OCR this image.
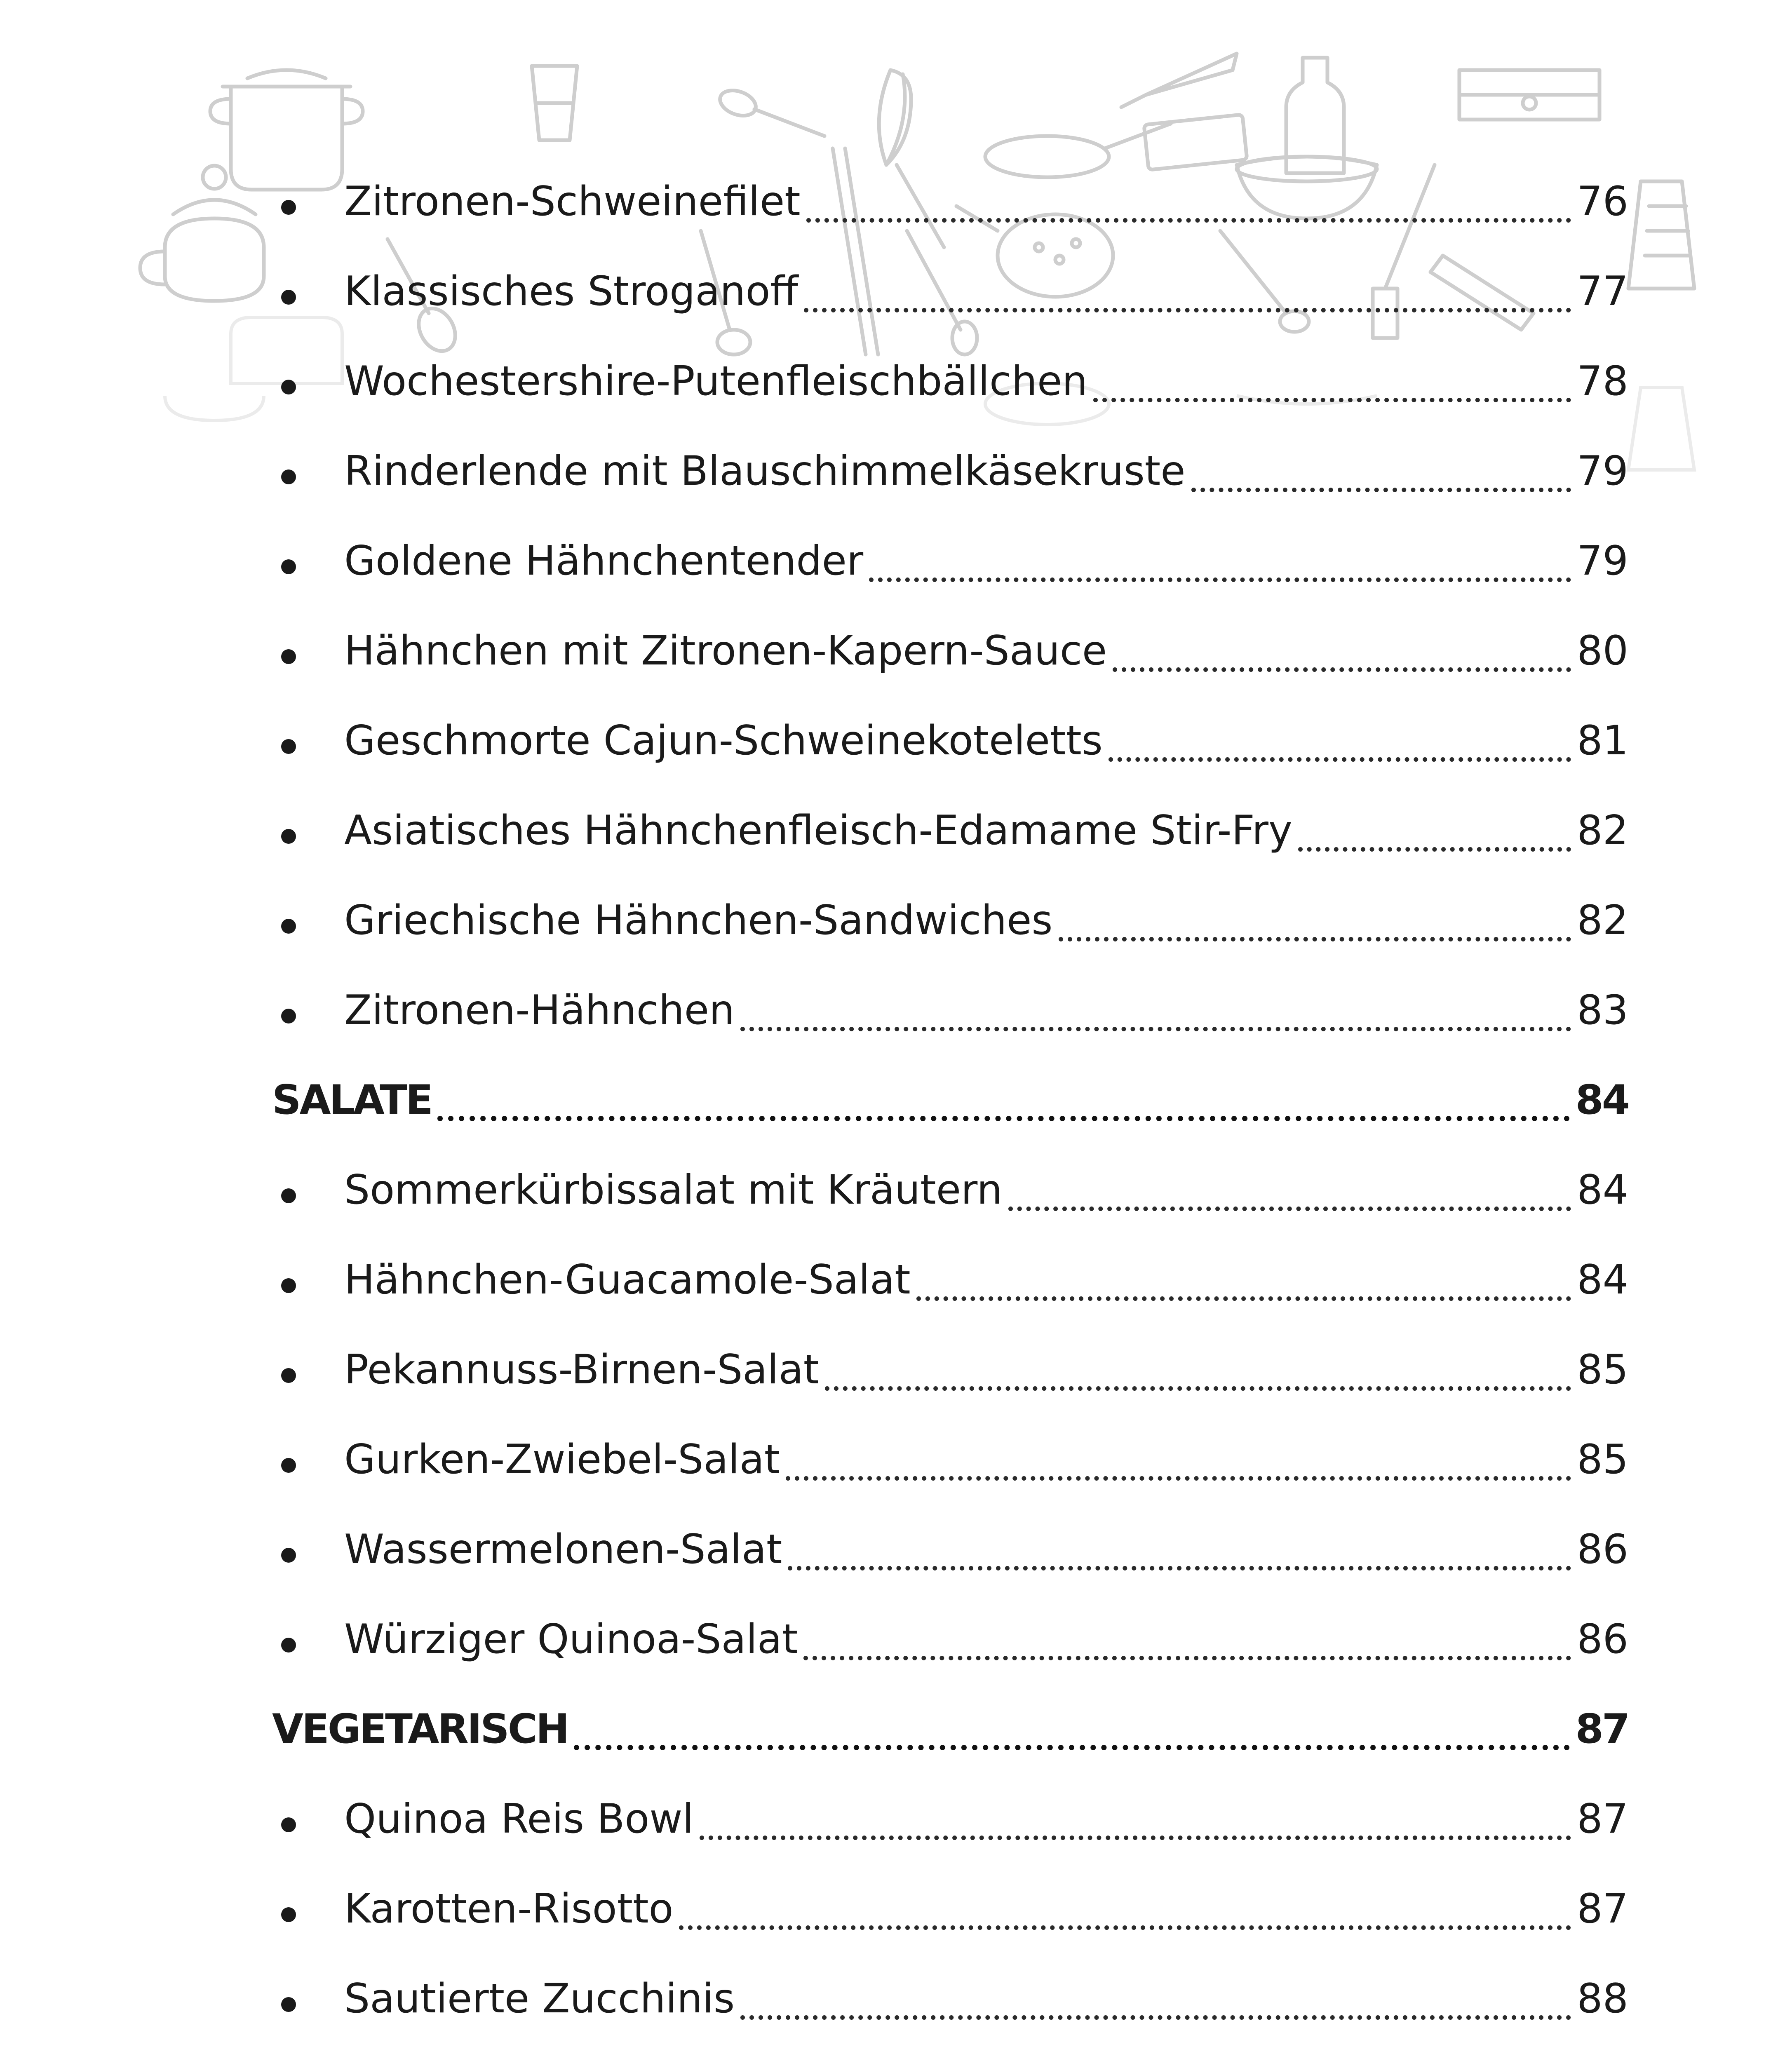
Zitronen-Schweinefilet	76
Klassisches Stroganoff	77
Wochestershire-Putenfleischbällchen	78
Rinderlende mit Blauschimmelkäsekruste	79
Goldene Hähnchentender	79
Hähnchen mit Zitronen-Kapern-Sauce	80
Geschmorte Cajun-Schweinekoteletts	81
Asiatisches Hähnchenfleisch-Edamame Stir-Fry	82
Griechische Hähnchen-Sandwiches	82
Zitronen-Hähnchen	83
SALATE	84
Sommerkürbissalat mit Kräutern	84
Hähnchen-Guacamole-Salat	84
Pekannuss-Birnen-Salat	85
Gurken-Zwiebel-Salat	85
Wassermelonen-Salat	86
Würziger Quinoa-Salat	86
VEGETARISCH	87
Quinoa Reis Bowl	87
Karotten-Risotto	87
Sautierte Zucchinis	88
